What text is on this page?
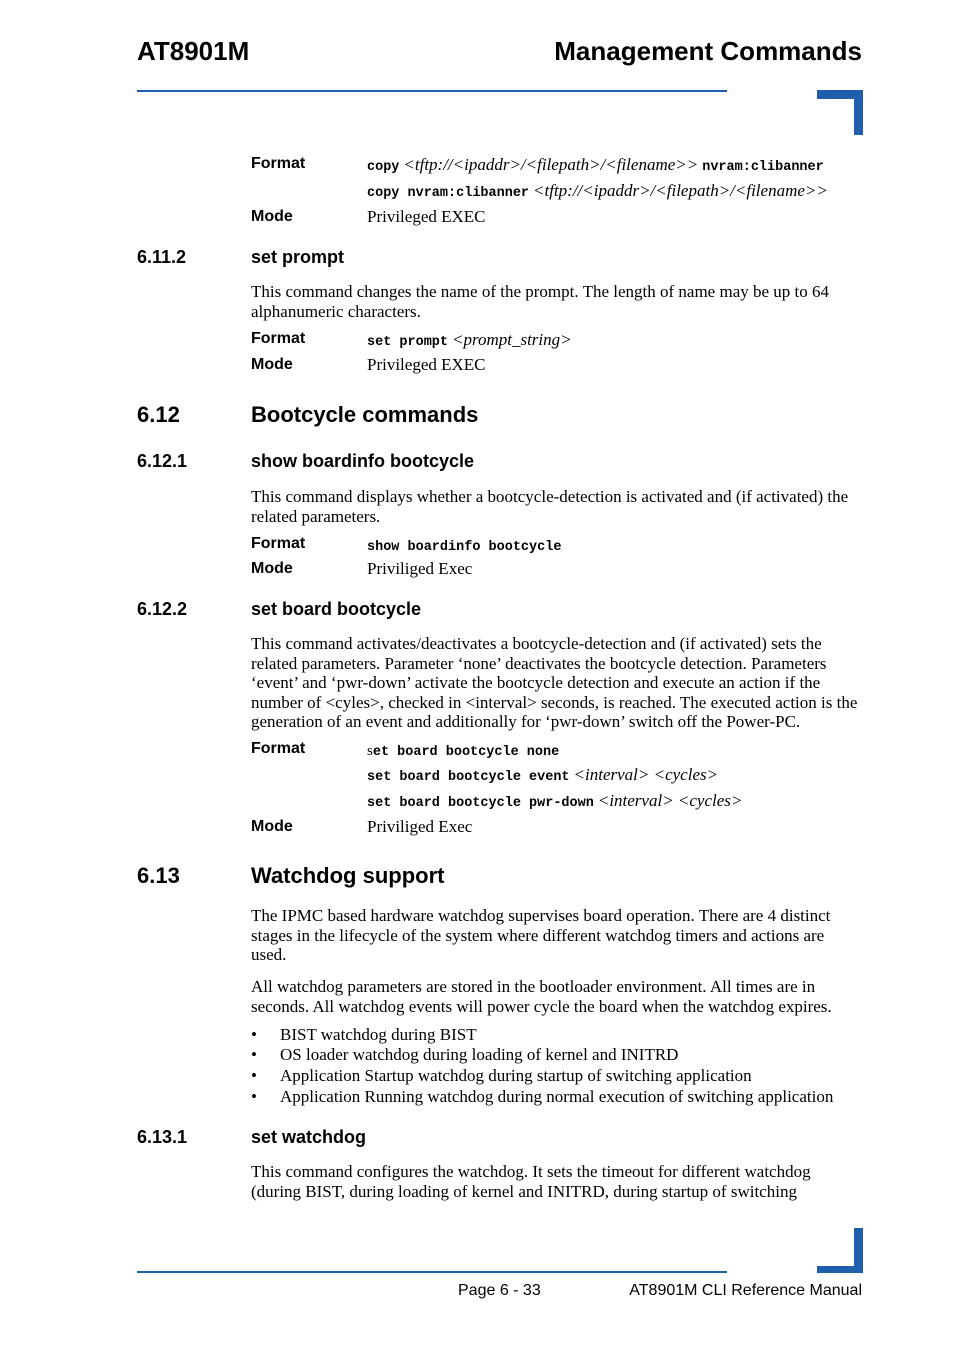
AT8901M	Management Commands
Format	copy <tftp://<ipaddr>/<filepath>/<filename>> nvram:clibanner
copy nvram:clibanner <tftp://<ipaddr>/<filepath>/<filename>>
Mode	Privileged EXEC
6.11.2	set prompt
This command changes the name of the prompt. The length of name may be up to 64 alphanumeric characters.
Format	set prompt <prompt_string>
Mode	Privileged EXEC
6.12	Bootcycle commands
6.12.1	show boardinfo bootcycle
This command displays whether a bootcycle-detection is activated and (if activated) the related parameters.
Format	show boardinfo bootcycle
Mode	Priviliged Exec
6.12.2	set board bootcycle
This command activates/deactivates a bootcycle-detection and (if activated) sets the related parameters. Parameter ‘none’ deactivates the bootcycle detection. Parameters ‘event’ and ‘pwr-down’ activate the bootcycle detection and execute an action if the number of <cyles>, checked in <interval> seconds, is reached. The executed action is the generation of an event and additionally for ‘pwr-down’ switch off the Power-PC.
Format	set board bootcycle none
set board bootcycle event <interval> <cycles>
set board bootcycle pwr-down <interval> <cycles>
Mode	Priviliged Exec
6.13	Watchdog support
The IPMC based hardware watchdog supervises board operation. There are 4 distinct stages in the lifecycle of the system where different watchdog timers and actions are used.
All watchdog parameters are stored in the bootloader environment. All times are in seconds. All watchdog events will power cycle the board when the watchdog expires.
• BIST watchdog during BIST
• OS loader watchdog during loading of kernel and INITRD
• Application Startup watchdog during startup of switching application
• Application Running watchdog during normal execution of switching application
6.13.1	set watchdog
This command configures the watchdog. It sets the timeout for different watchdog (during BIST, during loading of kernel and INITRD, during startup of switching
Page 6 - 33	AT8901M CLI Reference Manual
